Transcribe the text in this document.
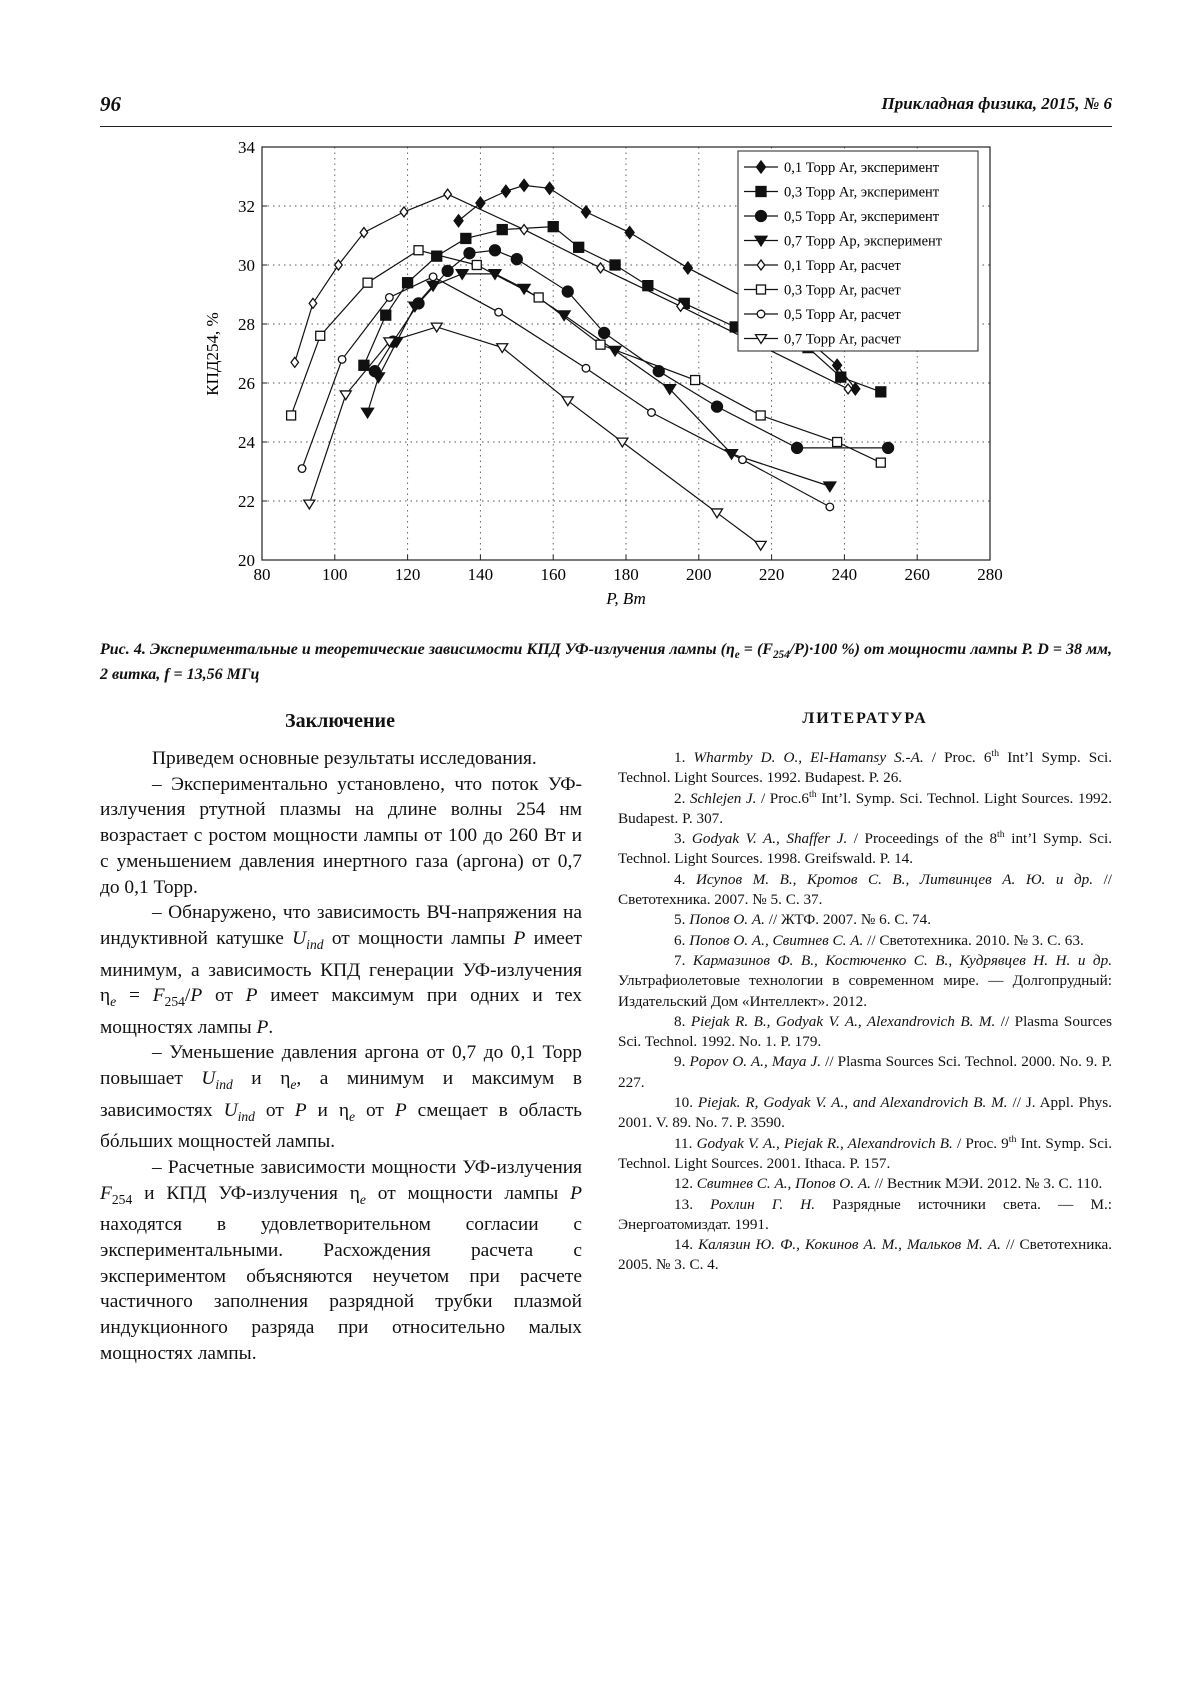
96	Прикладная физика, 2015, № 6
80	100	120	140	160	180	200	220	240	260	280
20
22
24
26
28
30
32
34
0,1 Торр Ar, эксперимент
0,3 Торр Ar, эксперимент
0,5 Торр Ar, эксперимент
0,7 Торр Ар, эксперимент
0,1 Торр Ar, расчет
0,3 Торр Ar, расчет
0,5 Торр Ar, расчет
0,7 Торр Ar, расчет
P, Вт
КПД254, %
Рис. 4. Экспериментальные и теоретические зависимости КПД УФ-излучения лампы ($\eta_e = (F_{254}/P)\cdot 100$ %) от мощности лампы P. D = 38 мм, 2 витка, f = 13,56 МГц
Заключение	ЛИТЕРАТУРА

Приведем основные результаты исследования.

– Экспериментально установлено, что поток УФ-излучения ртутной плазмы на длине волны 254 нм возрастает с ростом мощности лампы от 100 до 260 Вт и с уменьшением давления инертного газа (аргона) от 0,7 до 0,1 Торр.

– Обнаружено, что зависимость ВЧ-напряжения на индуктивной катушке $U_{ind}$ от мощности лампы P имеет минимум, а зависимость КПД генерации УФ-излучения $\eta_e = F_{254}/P$ от P имеет максимум при одних и тех мощностях лампы P.

– Уменьшение давления аргона от 0,7 до 0,1 Торр повышает $U_{ind}$ и $\eta_e$, а минимум и максимум в зависимостях $U_{ind}$ от P и $\eta_e$ от P смещает в область бóльших мощностей лампы.

– Расчетные зависимости мощности УФ-излучения $F_{254}$ и КПД УФ-излучения $\eta_e$ от мощности лампы P находятся в удовлетворительном согласии с экспериментальными. Расхождения расчета с экспериментом объясняются неучетом при расчете частичного заполнения разрядной трубки плазмой индукционного разряда при относительно малых мощностях лампы.

1. Wharmby D. O., El-Hamansy S.-A. / Proc. 6th Int’l Symp. Sci. Technol. Light Sources. 1992. Budapest. P. 26.

2. Schlejen J. / Proc.6th Int’l. Symp. Sci. Technol. Light Sources. 1992. Budapest. P. 307.

3. Godyak V. A., Shaffer J. / Proceedings of the 8th int’l Symp. Sci. Technol. Light Sources. 1998. Greifswald. P. 14.

4. Исупов М. В., Кротов С. В., Литвинцев А. Ю. и др. // Светотехника. 2007. № 5. С. 37.

5. Попов О. А. // ЖТФ. 2007. № 6. С. 74.

6. Попов О. А., Свитнев С. А. // Светотехника. 2010. № 3. С. 63.

7. Кармазинов Ф. В., Костюченко С. В., Кудрявцев Н. Н. и др. Ультрафиолетовые технологии в современном мире. — Долгопрудный: Издательский Дом «Интеллект». 2012.

8. Piejak R. B., Godyak V. A., Alexandrovich B. M. // Plasma Sources Sci. Technol. 1992. No. 1. P. 179.

9. Popov O. A., Maya J. // Plasma Sources Sci. Technol. 2000. No. 9. P. 227.

10. Piejak. R, Godyak V. A., and Alexandrovich B. M. // J. Appl. Phys. 2001. V. 89. No. 7. P. 3590.

11. Godyak V. A., Piejak R., Alexandrovich B. / Proc. 9th Int. Symp. Sci. Technol. Light Sources. 2001. Ithaca. P. 157.

12. Свитнев С. А., Попов О. А. // Вестник МЭИ. 2012. № 3. С. 110.

13. Рохлин Г. Н. Разрядные источники света. — М.: Энергоатомиздат. 1991.

14. Калязин Ю. Ф., Кокинов А. М., Мальков М. А. // Светотехника. 2005. № 3. С. 4.
